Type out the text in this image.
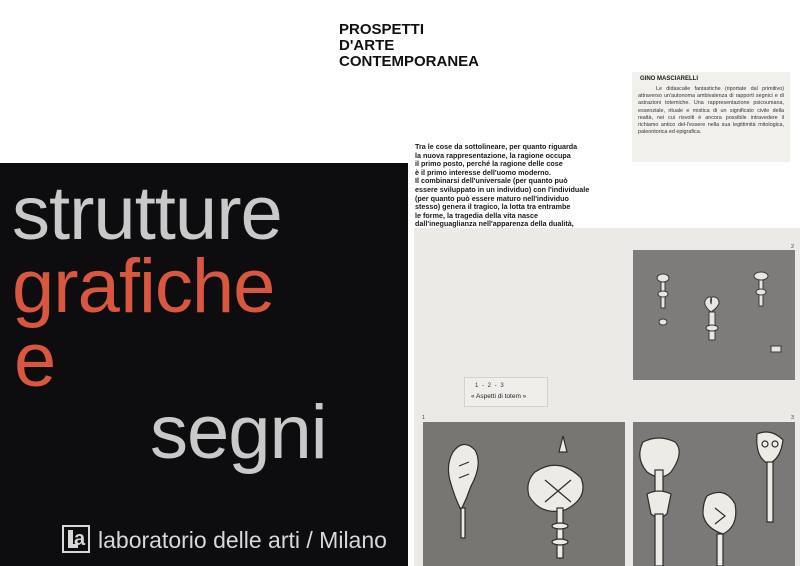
strutture
grafiche
e
segni
a laboratorio delle arti / Milano
PROSPETTI
D'ARTE
CONTEMPORANEA
GINO MASCIARELLI
Le didascalie fantastiche (riportate dal primitivo) attraverso un'autonoma ambivalenza di rapporti segnici e di astrazioni totemiche. Una rappresentazione psicoumana, essenziale, rituale e mistica di un significato civile della realtà, nei cui risvolti è ancora possibile intravedere il richiamo antico del-l'essere nella sua legittimità mitologica, paleontorica ed epigrafica.
Tra le cose da sottolineare, per quanto riguarda
la nuova rappresentazione, la ragione occupa
il primo posto, perché la ragione delle cose
è il primo interesse dell'uomo moderno.
Il combinarsi dell'universale (per quanto può
essere sviluppato in un individuo) con l'individuale
(per quanto può essere maturo nell'individuo
stesso) genera il tragico, la lotta tra entrambe
le forme, la tragedia della vita nasce
dall'ineguaglianza nell'apparenza della dualità,
2
1	3
1 - 2 - 3
« Aspetti di totem »
